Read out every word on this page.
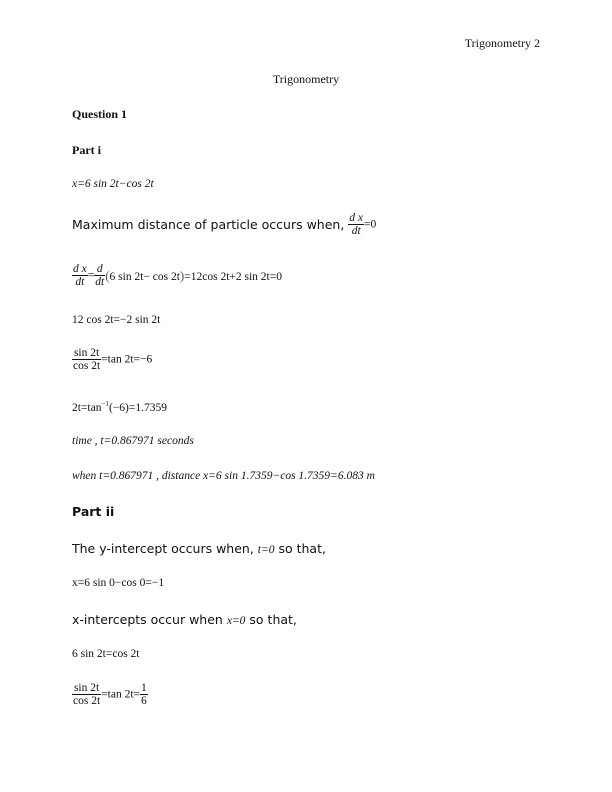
Trigonometry 2
Trigonometry
Question 1
Part i
x=6 sin 2t−cos 2t
Maximum distance of particle occurs when, $\frac{\text{d x}}{dt} =0$
$\frac{\text{d x}}{dt} = \frac{d}{dt} (6$ sin 2t− cos 2t)=12cos 2t+2 sin 2t=0
12 cos 2t=−2 sin 2t
$\frac{\sin 2t}{\cos 2t} =\tan$ 2t=−6
$2t=\tan^{-1}(-6)=1.7359$
time , t=0.867971 seconds
when t=0.867971 , distance x=6 sin 1.7359−cos 1.7359=6.083 m
Part ii
The y-intercept occurs when, t=0 so that,
x=6 sin 0−cos 0=−1
x-intercepts occur when x=0 so that,
6 sin 2t=cos 2t
$\frac{\sin 2t}{\cos 2t} =\tan$ $2t= \frac{1}{6}$
